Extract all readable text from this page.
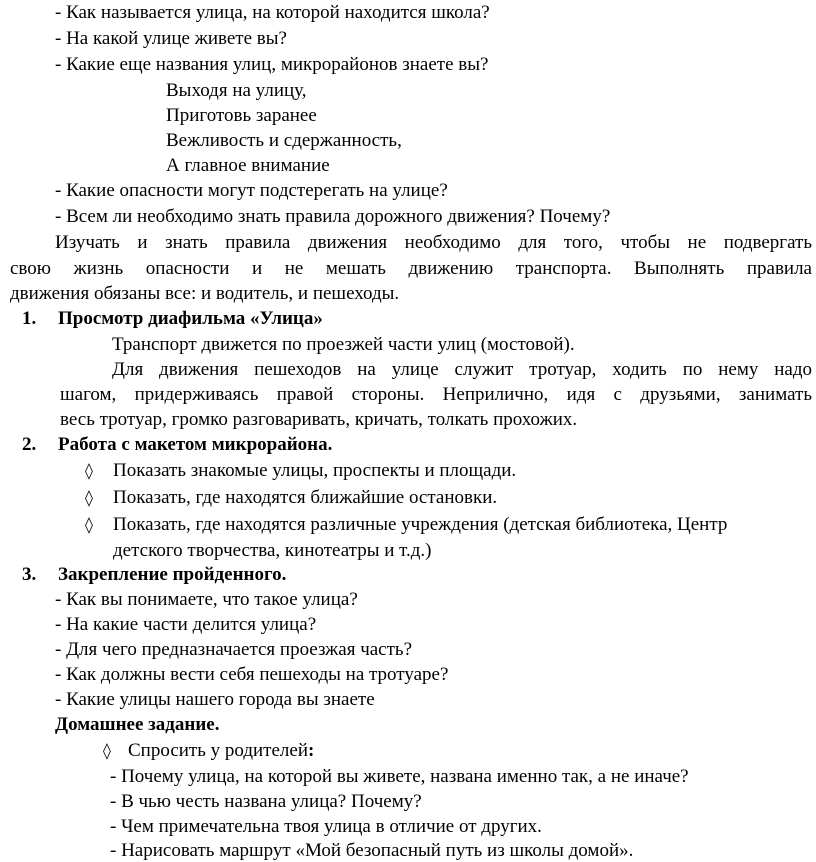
- Как называется улица, на которой находится школа?
- На какой улице живете вы?
- Какие еще названия улиц, микрорайонов знаете вы?
Выходя на улицу,
Приготовь заранее
Вежливость и сдержанность,
А главное внимание
- Какие опасности могут подстерегать на улице?
- Всем ли необходимо знать правила дорожного движения? Почему?
Изучать и знать правила движения необходимо для того, чтобы не подвергать
свою жизнь опасности и не мешать движению транспорта. Выполнять правила
движения обязаны все: и водитель, и пешеходы.
1. Просмотр диафильма «Улица»
Транспорт движется по проезжей части улиц (мостовой).
Для движения пешеходов на улице служит тротуар, ходить по нему надо
шагом, придерживаясь правой стороны. Неприлично, идя с друзьями, занимать
весь тротуар, громко разговаривать, кричать, толкать прохожих.
2. Работа с макетом микрорайона.
◊ Показать знакомые улицы, проспекты и площади.
◊ Показать, где находятся ближайшие остановки.
◊ Показать, где находятся различные учреждения (детская библиотека, Центр
детского творчества, кинотеатры и т.д.)
3. Закрепление пройденного.
- Как вы понимаете, что такое улица?
- На какие части делится улица?
- Для чего предназначается проезжая часть?
- Как должны вести себя пешеходы на тротуаре?
- Какие улицы нашего города вы знаете
Домашнее задание.
◊ Спросить у родителей:
- Почему улица, на которой вы живете, названа именно так, а не иначе?
- В чью честь названа улица? Почему?
- Чем примечательна твоя улица в отличие от других.
- Нарисовать маршрут «Мой безопасный путь из школы домой».
